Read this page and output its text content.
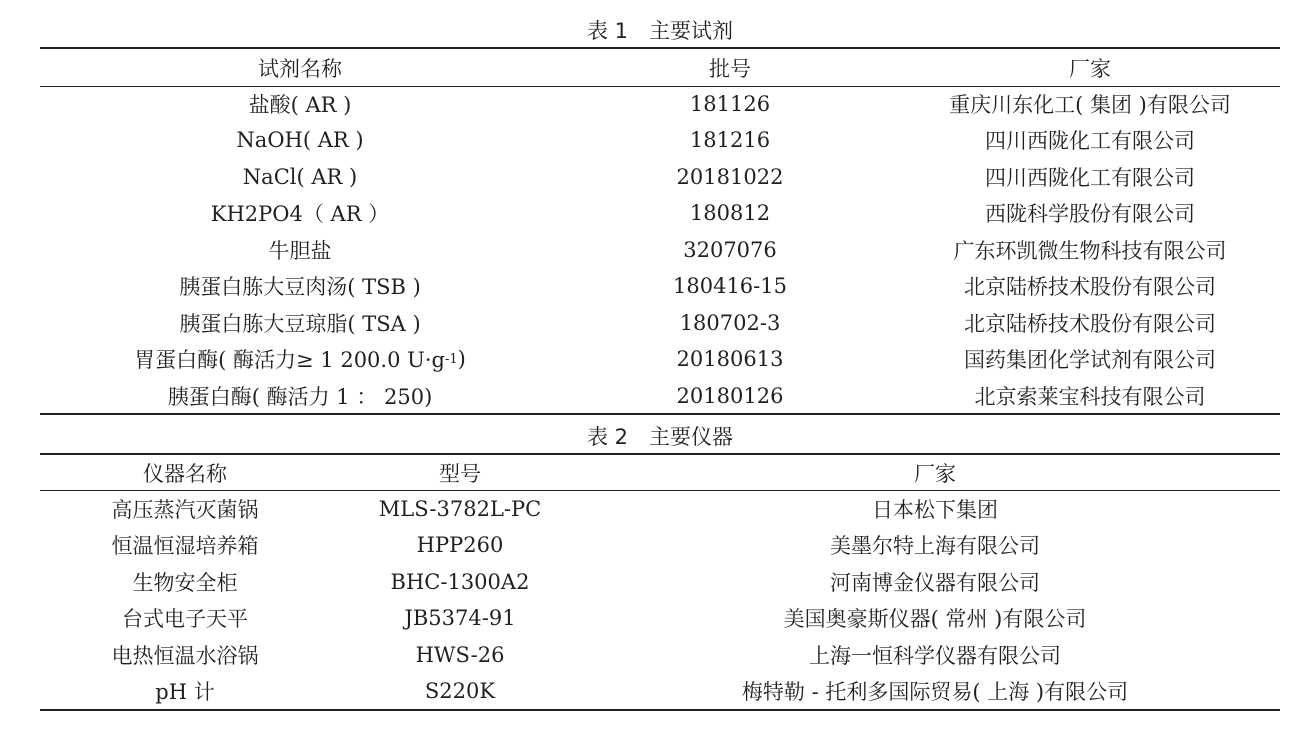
表 1　主要试剂
试剂名称	批号	厂家
盐酸( AR )	181126	重庆川东化工( 集团 )有限公司
NaOH( AR )	181216	四川西陇化工有限公司
NaCl( AR )	20181022	四川西陇化工有限公司
KH2PO4（ AR ）	180812	西陇科学股份有限公司
牛胆盐	3207076	广东环凯微生物科技有限公司
胰蛋白胨大豆肉汤( TSB )	180416-15	北京陆桥技术股份有限公司
胰蛋白胨大豆琼脂( TSA )	180702-3	北京陆桥技术股份有限公司
胃蛋白酶( 酶活力≥ 1 200.0 U·g -1 )	20180613	国药集团化学试剂有限公司
胰蛋白酶( 酶活力 1 ： 250)	20180126	北京索莱宝科技有限公司
表 2　主要仪器
仪器名称	型号	厂家
高压蒸汽灭菌锅	MLS-3782L-PC	日本松下集团
恒温恒湿培养箱	HPP260	美墨尔特上海有限公司
生物安全柜	BHC-1300A2	河南博金仪器有限公司
台式电子天平	JB5374-91	美国奥豪斯仪器( 常州 )有限公司
电热恒温水浴锅	HWS-26	上海一恒科学仪器有限公司
pH 计	S220K	梅特勒 - 托利多国际贸易( 上海 )有限公司
